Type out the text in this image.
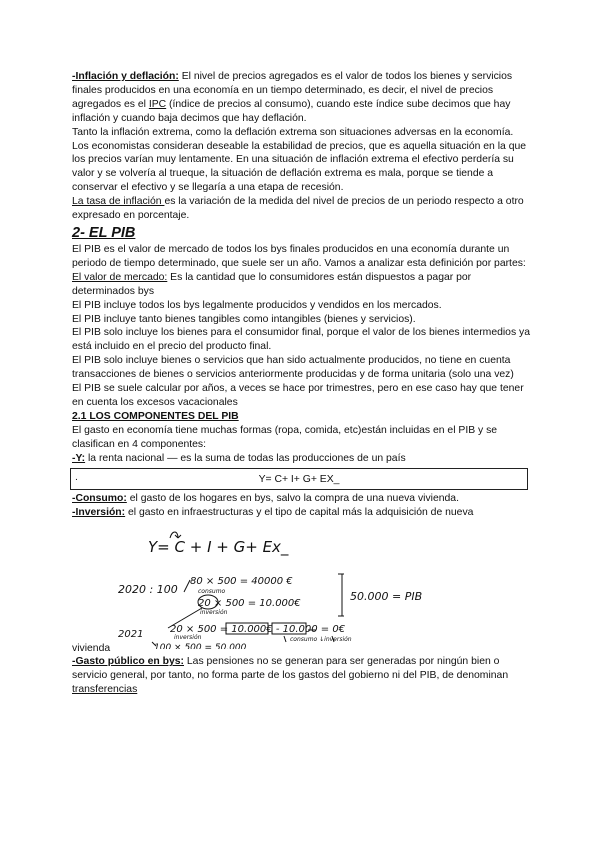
-Inflación y deflación: El nivel de precios agregados es el valor de todos los bienes y servicios finales producidos en una economía en un tiempo determinado, es decir, el nivel de precios agregados es el IPC (índice de precios al consumo), cuando este índice sube decimos que hay inflación y cuando baja decimos que hay deflación.

Tanto la inflación extrema, como la deflación extrema son situaciones adversas en la economía. Los economistas consideran deseable la estabilidad de precios, que es aquella situación en la que los precios varían muy lentamente. En una situación de inflación extrema el efectivo perdería su valor y se volvería al trueque, la situación de deflación extrema es mala, porque se tiende a conservar el efectivo y se llegaría a una etapa de recesión.

La tasa de inflación es la variación de la medida del nivel de precios de un periodo respecto a otro expresado en porcentaje.

2- EL PIB

El PIB es el valor de mercado de todos los bys finales producidos en una economía durante un periodo de tiempo determinado, que suele ser un año. Vamos a analizar esta definición por partes:

El valor de mercado: Es la cantidad que lo consumidores están dispuestos a pagar por determinados bys

El PIB incluye todos los bys legalmente producidos y vendidos en los mercados.

El PIB incluye tanto bienes tangibles como intangibles (bienes y servicios).

El PIB solo incluye los bienes para el consumidor final, porque el valor de los bienes intermedios ya está incluido en el precio del producto final.

El PIB solo incluye bienes o servicios que han sido actualmente producidos, no tiene en cuenta transacciones de bienes o servicios anteriormente producidas y de forma unitaria (solo una vez)

El PIB se suele calcular por años, a veces se hace por trimestres, pero en ese caso hay que tener en cuenta los excesos vacacionales

2.1 LOS COMPONENTES DEL PIB

El gasto en economía tiene muchas formas (ropa, comida, etc)están incluidas en el PIB y se clasifican en 4 componentes:

-Y: la renta nacional — es la suma de todas las producciones de un país

.	Y= C+ I+ G+ EX_

-Consumo: el gasto de los hogares en bys, salvo la compra de una nueva vivienda.

-Inversión: el gasto en infraestructuras y el tipo de capital más la adquisición de nueva

Y= C + I + G+ Ex_
2020 : 100
80 × 500 = 40000 €
consumo
20 × 500 = 10.000€
inversión
50.000 = PIB
2021	20 × 500 = 10.000€ - 10.000 = 0€
inversión	consumo ↓inversión
100 × 500 = 50.000
vivienda

-Gasto público en bys: Las pensiones no se generan para ser generadas por ningún bien o servicio general, por tanto, no forma parte de los gastos del gobierno ni del PIB, de denominan transferencias
